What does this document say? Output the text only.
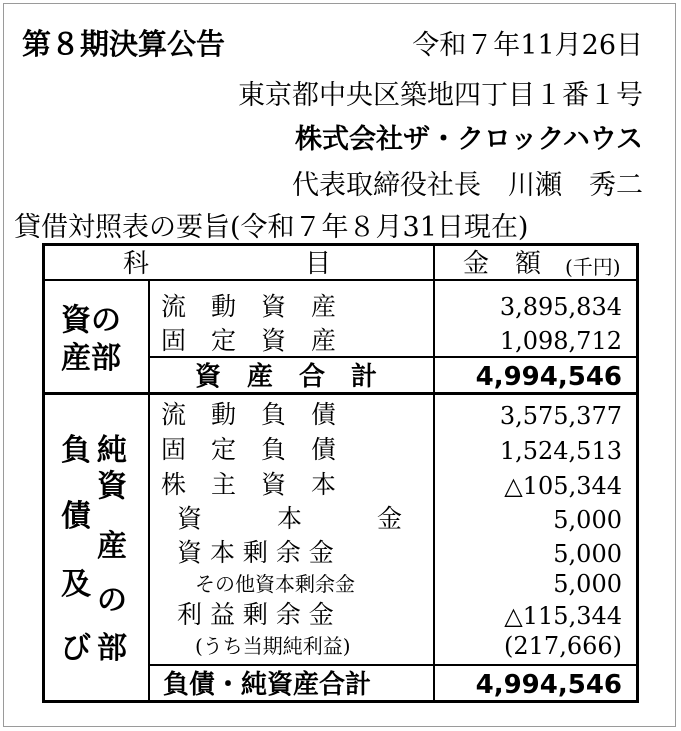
第８期決算公告	令和７年11月26日
東京都中央区築地四丁目１番１号
株式会社ザ・クロックハウス
代表取締役社長　川瀬　秀二
貸借対照表の要旨(令和７年８月31日現在)
科　　　　　　目	金　額 (千円)
資の
産部
流　動　資　産	3,895,834
固　定　資　産	1,098,712
資　産　合　計	4,994,546
負 純
資
債
産
及 の
び 部
流　動　負　債	3,575,377
固　定　負　債	1,524,513
株　主　資　本	△105,344
資　　　本　　　金	5,000
資 本 剰 余 金	5,000
その他資本剰余金	5,000
利 益 剰 余 金	△115,344
(うち当期純利益)	(217,666)
負債・純資産合計	4,994,546
